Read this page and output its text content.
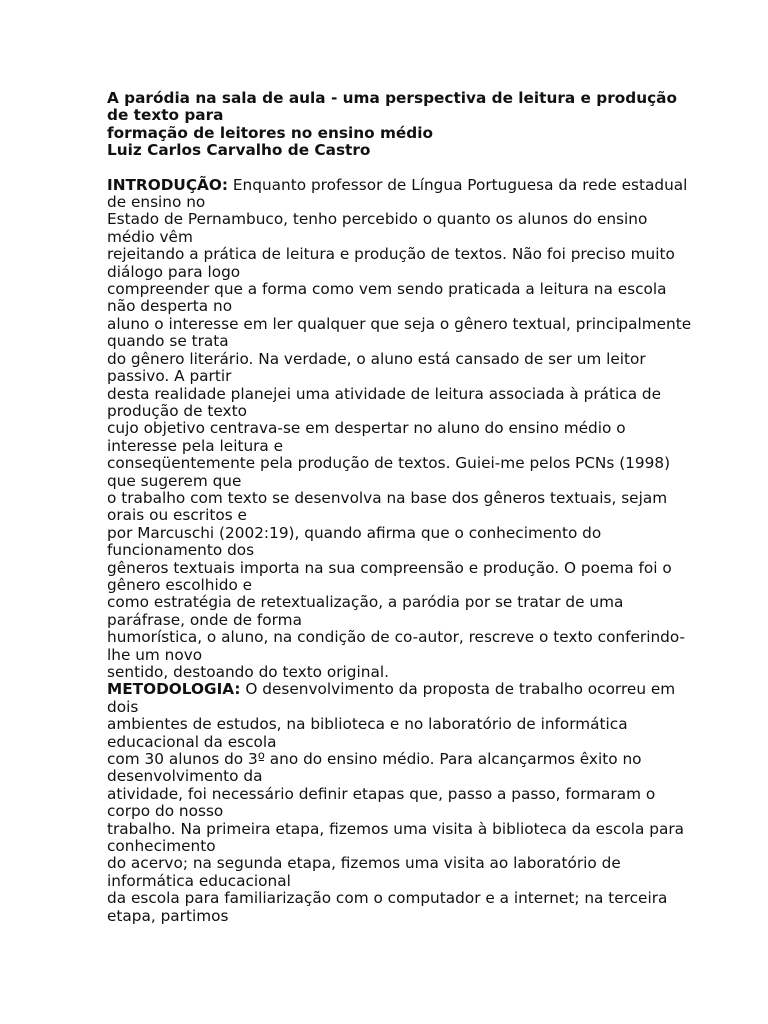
A paródia na sala de aula - uma perspectiva de leitura e produção
de texto para
formação de leitores no ensino médio
Luiz Carlos Carvalho de Castro
INTRODUÇÃO: Enquanto professor de Língua Portuguesa da rede estadual
de ensino no
Estado de Pernambuco, tenho percebido o quanto os alunos do ensino
médio vêm
rejeitando a prática de leitura e produção de textos. Não foi preciso muito
diálogo para logo
compreender que a forma como vem sendo praticada a leitura na escola
não desperta no
aluno o interesse em ler qualquer que seja o gênero textual, principalmente
quando se trata
do gênero literário. Na verdade, o aluno está cansado de ser um leitor
passivo. A partir
desta realidade planejei uma atividade de leitura associada à prática de
produção de texto
cujo objetivo centrava-se em despertar no aluno do ensino médio o
interesse pela leitura e
conseqüentemente pela produção de textos. Guiei-me pelos PCNs (1998)
que sugerem que
o trabalho com texto se desenvolva na base dos gêneros textuais, sejam
orais ou escritos e
por Marcuschi (2002:19), quando afirma que o conhecimento do
funcionamento dos
gêneros textuais importa na sua compreensão e produção. O poema foi o
gênero escolhido e
como estratégia de retextualização, a paródia por se tratar de uma
paráfrase, onde de forma
humorística, o aluno, na condição de co-autor, rescreve o texto conferindo-
lhe um novo
sentido, destoando do texto original.
METODOLOGIA: O desenvolvimento da proposta de trabalho ocorreu em
dois
ambientes de estudos, na biblioteca e no laboratório de informática
educacional da escola
com 30 alunos do 3º ano do ensino médio. Para alcançarmos êxito no
desenvolvimento da
atividade, foi necessário definir etapas que, passo a passo, formaram o
corpo do nosso
trabalho. Na primeira etapa, fizemos uma visita à biblioteca da escola para
conhecimento
do acervo; na segunda etapa, fizemos uma visita ao laboratório de
informática educacional
da escola para familiarização com o computador e a internet; na terceira
etapa, partimos
